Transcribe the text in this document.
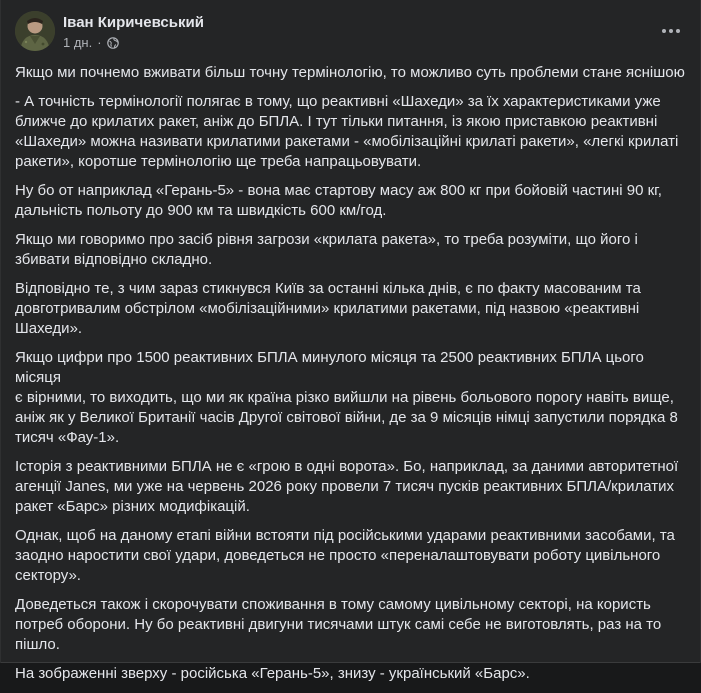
Іван Киричевський
1 дн. ·

Якщо ми почнемо вживати більш точну термінологію, то можливо суть проблеми стане яснішою

- А точність термінології полягає в тому, що реактивні «Шахеди» за їх характеристиками уже
ближче до крилатих ракет, аніж до БПЛА. І тут тільки питання, із якою приставкою реактивні
«Шахеди» можна називати крилатими ракетами - «мобілізаційні крилаті ракети», «легкі крилаті
ракети», коротше термінологію ще треба напрацьовувати.

Ну бо от наприклад «Герань-5» - вона має стартову масу аж 800 кг при бойовій частині 90 кг,
дальність польоту до 900 км та швидкість 600 км/год.

Якщо ми говоримо про засіб рівня загрози «крилата ракета», то треба розуміти, що його і
збивати відповідно складно.

Відповідно те, з чим зараз стикнувся Київ за останні кілька днів, є по факту масованим та
довготривалим обстрілом «мобілізаційними» крилатими ракетами, під назвою «реактивні
Шахеди».

Якщо цифри про 1500 реактивних БПЛА минулого місяця та 2500 реактивних БПЛА цього місяця
є вірними, то виходить, що ми як країна різко вийшли на рівень больового порогу навіть вище,
аніж як у Великої Британії часів Другої світової війни, де за 9 місяців німці запустили порядка 8
тисяч «Фау-1».

Історія з реактивними БПЛА не є «грою в одні ворота». Бо, наприклад, за даними авторитетної
агенції Janes, ми уже на червень 2026 року провели 7 тисяч пусків реактивних БПЛА/крилатих
ракет «Барс» різних модифікацій.

Однак, щоб на даному етапі війни встояти під російськими ударами реактивними засобами, та
заодно наростити свої удари, доведеться не просто «переналаштовувати роботу цивільного
сектору».

Доведеться також і скорочувати споживання в тому самому цивільному секторі, на користь
потреб оборони. Ну бо реактивні двигуни тисячами штук самі себе не виготовлять, раз на то
пішло.

На зображенні зверху - російська «Герань-5», знизу - український «Барс».
